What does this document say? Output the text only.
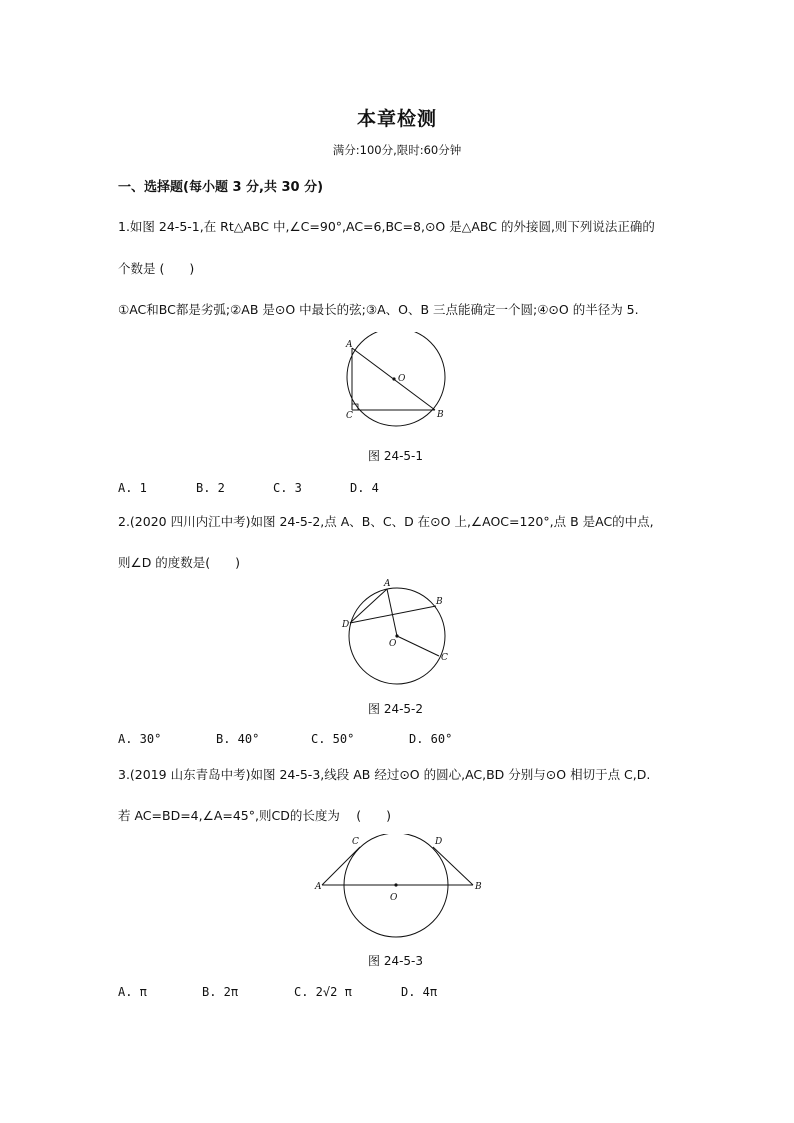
本章检测
满分:100分,限时:60分钟
一、选择题(每小题 3 分,共 30 分)
1.如图 24-5-1,在 Rt△ABC 中,∠C=90°,AC=6,BC=8,⊙O 是△ABC 的外接圆,则下列说法正确的
个数是 (　　)
①AC和BC都是劣弧;②AB 是⊙O 中最长的弦;③A、O、B 三点能确定一个圆;④⊙O 的半径为 5.
A
O
C	B
图 24-5-1
A. 1	B. 2	C. 3	D. 4
2.(2020 四川内江中考)如图 24-5-2,点 A、B、C、D 在⊙O 上,∠AOC=120°,点 B 是AC的中点,
则∠D 的度数是(　　)
A
B
D
O
C
图 24-5-2
A. 30°	B. 40°	C. 50°	D. 60°
3.(2019 山东青岛中考)如图 24-5-3,线段 AB 经过⊙O 的圆心,AC,BD 分别与⊙O 相切于点 C,D.
若 AC=BD=4,∠A=45°,则CD的长度为　 (　　)
A
C	D
B
O
图 24-5-3
A. π	B. 2π	C. 2√2 π	D. 4π
